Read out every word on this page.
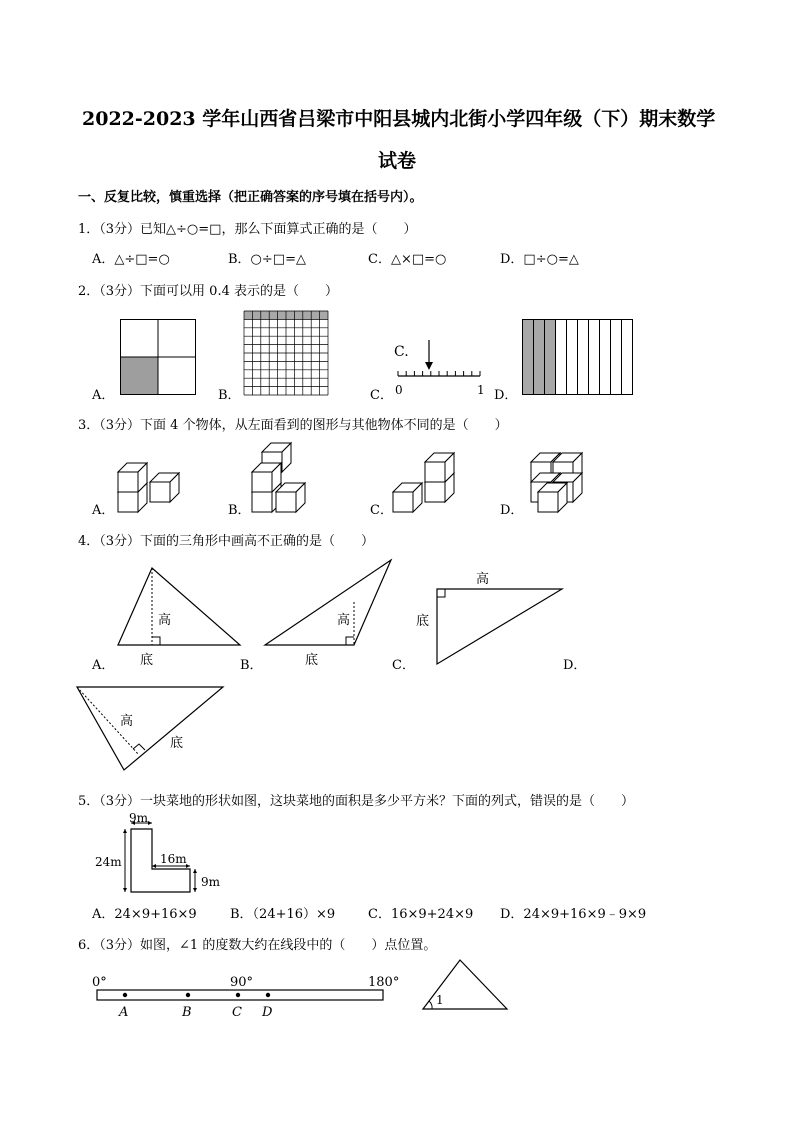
2022-2023 学年山西省吕梁市中阳县城内北街小学四年级（下）期末数学
试卷
一、反复比较，慎重选择（把正确答案的序号填在括号内）。
1．（3分）已知△÷○=□，那么下面算式正确的是（　　）
A．△÷□=○	B．○÷□=△	C．△×□=○	D．□÷○=△
2．（3分）下面可以用 0.4 表示的是（　　）
A．	B．	C．	D．
C.
0	1
3．（3分）下面 4 个物体，从左面看到的图形与其他物体不同的是（　　）
A．	B．	C．	D．
4．（3分）下面的三角形中画高不正确的是（　　）
A．	B．	C．	D．
高
底
高
底
高
底
高
底
5．（3分）一块菜地的形状如图，这块菜地的面积是多少平方米？下面的列式，错误的是（　　）
9m
24m	16m
9m
A．24×9+16×9	B．（24+16）×9	C．16×9+24×9 D．24×9+16×9﹣9×9
6．（3分）如图，∠1 的度数大约在线段中的（　　）点位置。
0°	90°	180°
A	B	C D
1
